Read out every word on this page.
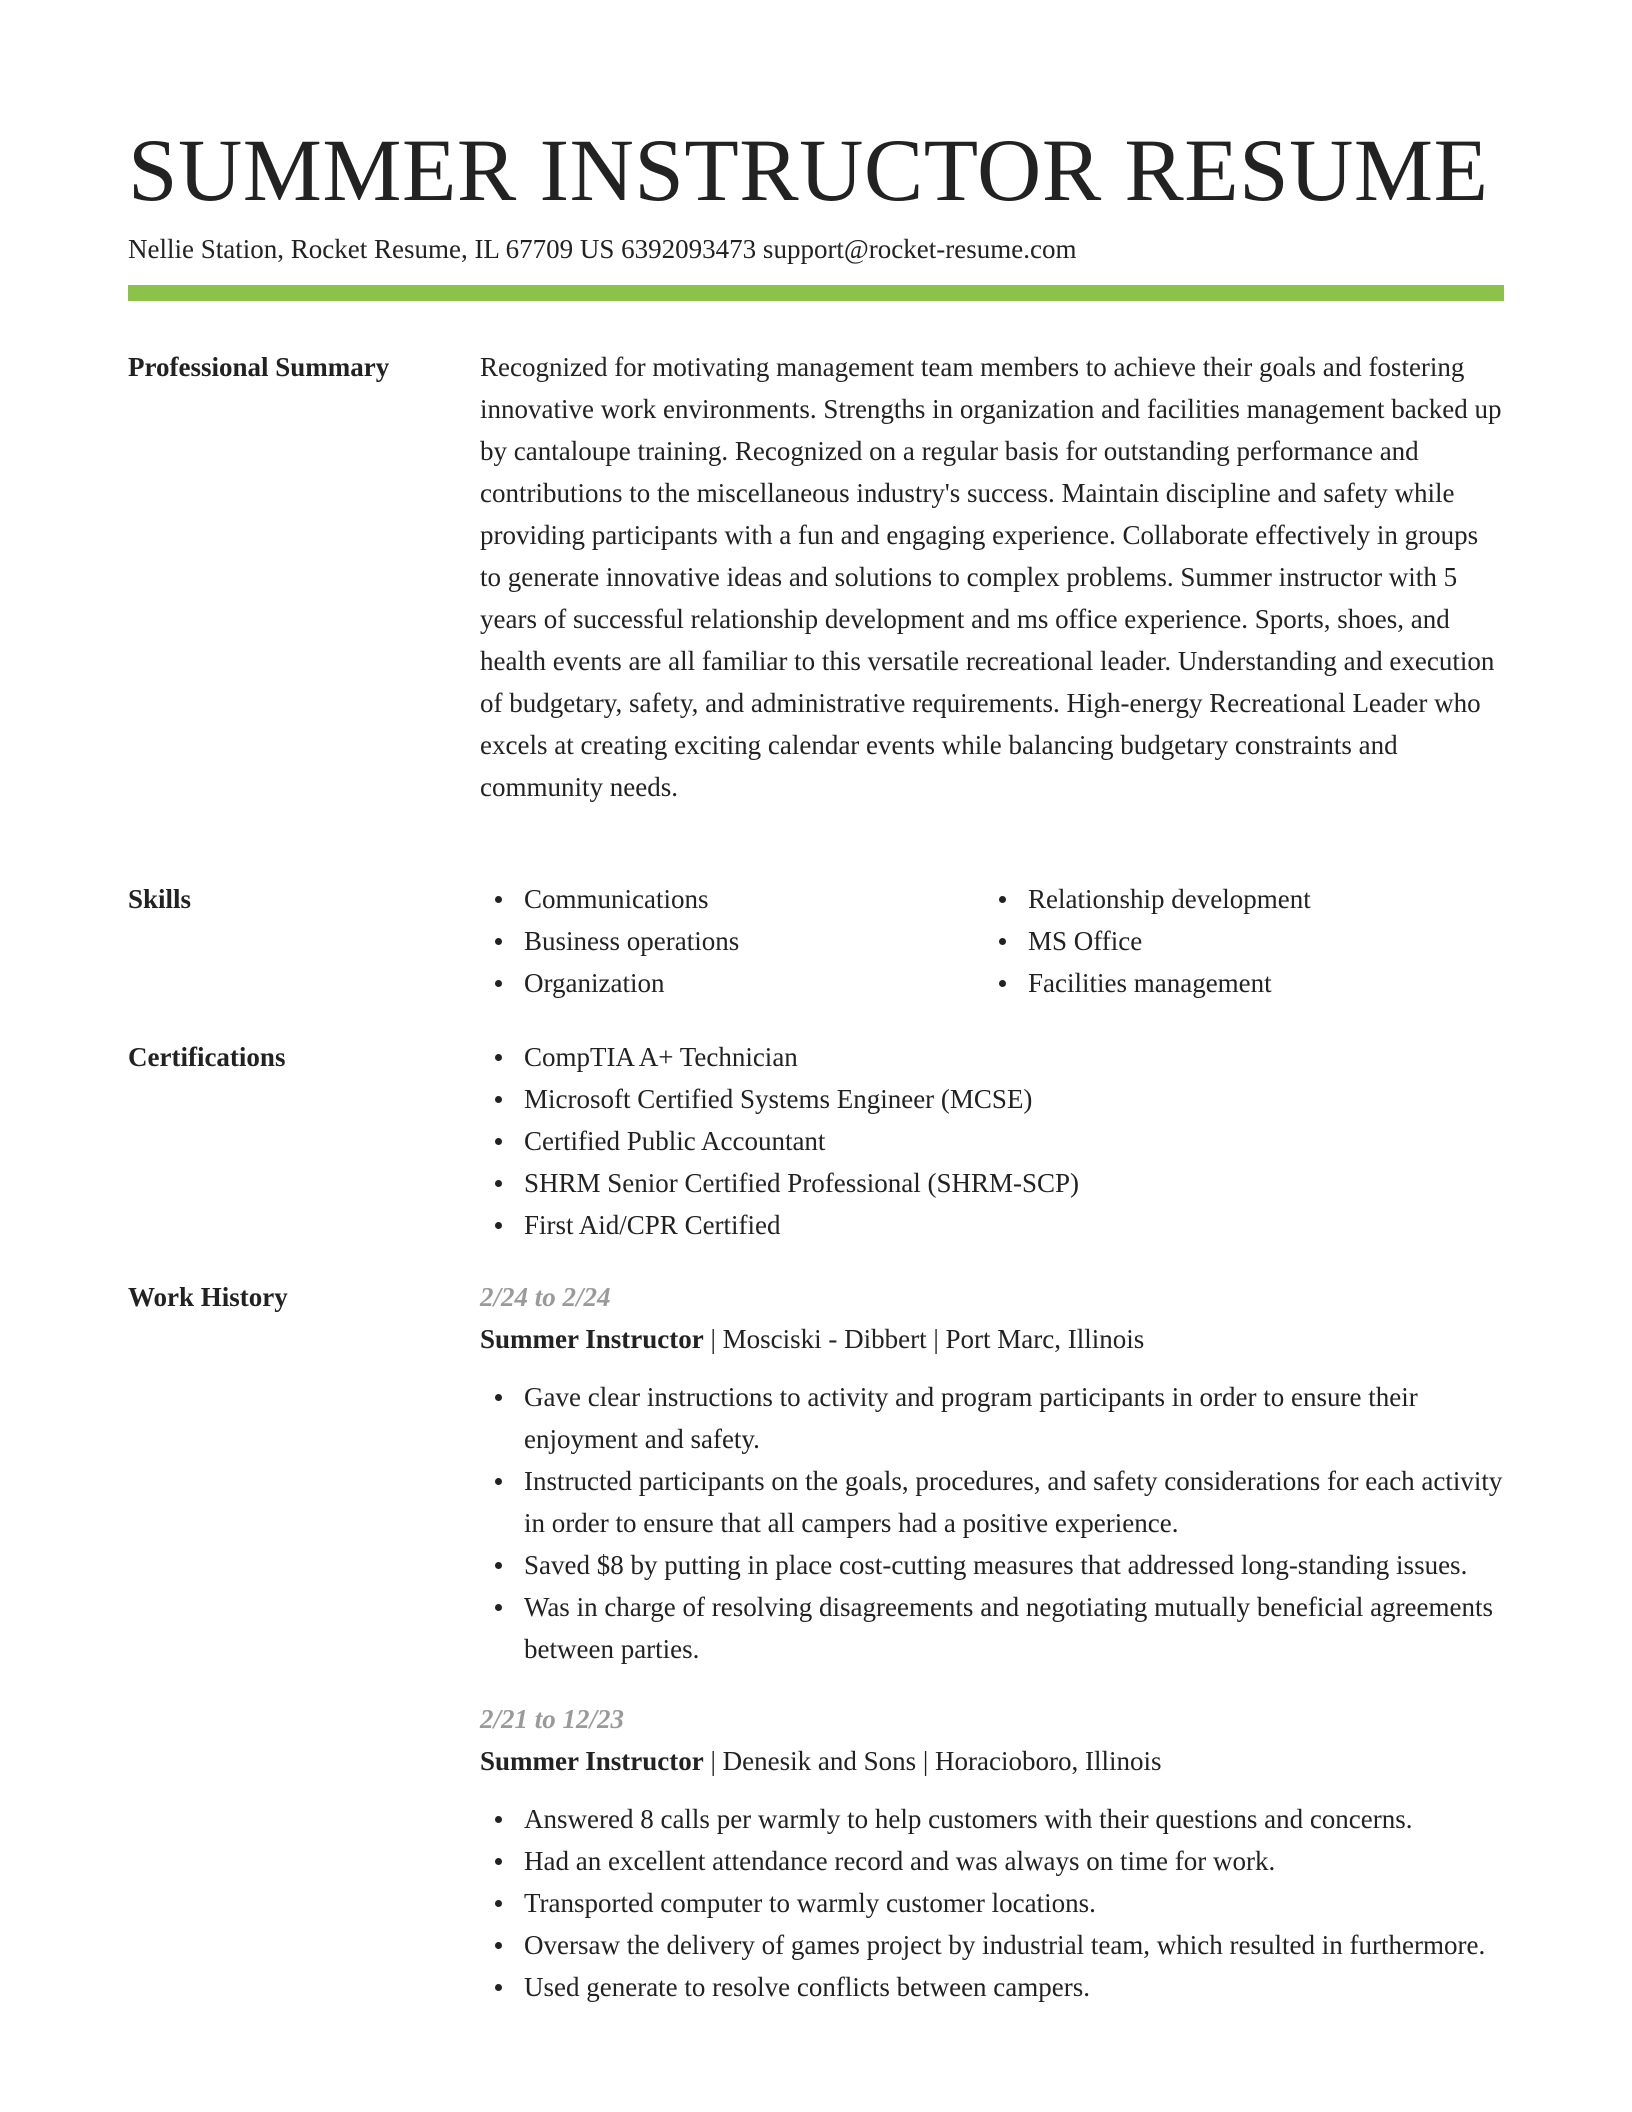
SUMMER INSTRUCTOR RESUME
Nellie Station, Rocket Resume, IL 67709 US 6392093473 support@rocket-resume.com
Professional Summary	Recognized for motivating management team members to achieve their goals and fostering innovative work environments. Strengths in organization and facilities management backed up by cantaloupe training. Recognized on a regular basis for outstanding performance and contributions to the miscellaneous industry's success. Maintain discipline and safety while providing participants with a fun and engaging experience. Collaborate effectively in groups to generate innovative ideas and solutions to complex problems. Summer instructor with 5 years of successful relationship development and ms office experience. Sports, shoes, and health events are all familiar to this versatile recreational leader. Understanding and execution of budgetary, safety, and administrative requirements. High-energy Recreational Leader who excels at creating exciting calendar events while balancing budgetary constraints and community needs.
Skills	Communications
Business operations
Organization
Relationship development
MS Office
Facilities management
Certifications	CompTIA A+ Technician
Microsoft Certified Systems Engineer (MCSE)
Certified Public Accountant
SHRM Senior Certified Professional (SHRM-SCP)
First Aid/CPR Certified
Work History	2/24 to 2/24
Summer Instructor | Mosciski - Dibbert | Port Marc, Illinois
Gave clear instructions to activity and program participants in order to ensure their enjoyment and safety.
Instructed participants on the goals, procedures, and safety considerations for each activity in order to ensure that all campers had a positive experience.
Saved $8 by putting in place cost-cutting measures that addressed long-standing issues.
Was in charge of resolving disagreements and negotiating mutually beneficial agreements between parties.
2/21 to 12/23
Summer Instructor | Denesik and Sons | Horacioboro, Illinois
Answered 8 calls per warmly to help customers with their questions and concerns.
Had an excellent attendance record and was always on time for work.
Transported computer to warmly customer locations.
Oversaw the delivery of games project by industrial team, which resulted in furthermore.
Used generate to resolve conflicts between campers.
